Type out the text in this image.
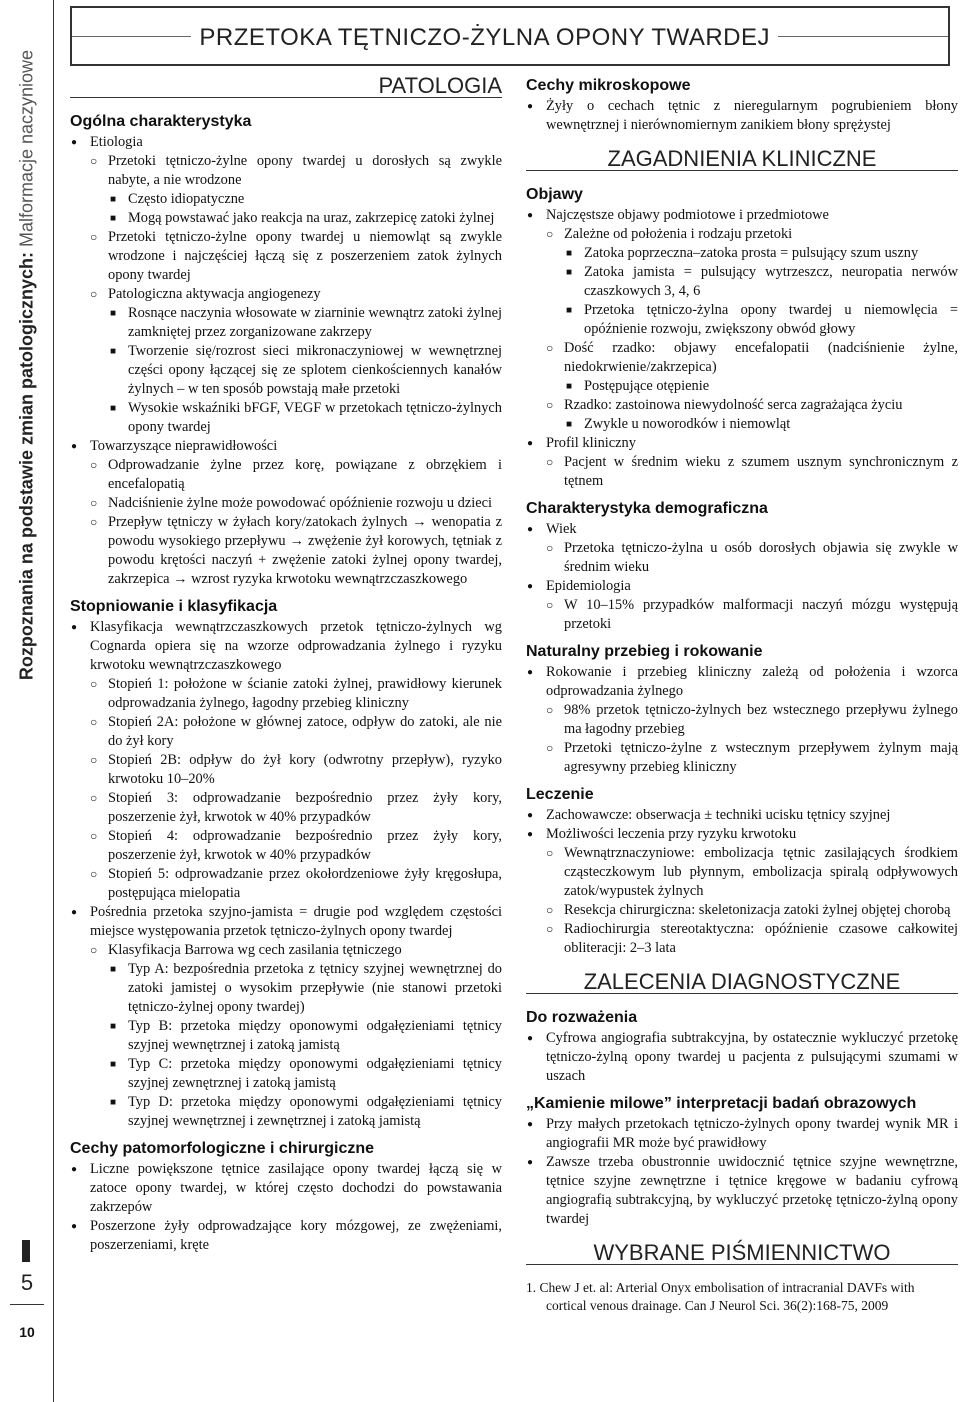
Rozpoznania na podstawie zmian patologicznych: Malformacje naczyniowe
5
10
PRZETOKA TĘTNICZO-ŻYLNA OPONY TWARDEJ
PATOLOGIA
Ogólna charakterystyka
● Etiologia
○ Przetoki tętniczo-żylne opony twardej u dorosłych są zwykle nabyte, a nie wrodzone
■ Często idiopatyczne
■ Mogą powstawać jako reakcja na uraz, zakrzepicę zatoki żylnej
○ Przetoki tętniczo-żylne opony twardej u niemowląt są zwykle wrodzone i najczęściej łączą się z poszerzeniem zatok żylnych opony twardej
○ Patologiczna aktywacja angiogenezy
■ Rosnące naczynia włosowate w ziarninie wewnątrz zatoki żylnej zamkniętej przez zorganizowane zakrzepy
■ Tworzenie się/rozrost sieci mikronaczyniowej w wewnętrznej części opony łączącej się ze splotem cienkościennych kanałów żylnych – w ten sposób powstają małe przetoki
■ Wysokie wskaźniki bFGF, VEGF w przetokach tętniczo-żylnych opony twardej
● Towarzyszące nieprawidłowości
○ Odprowadzanie żylne przez korę, powiązane z obrzękiem i encefalopatią
○ Nadciśnienie żylne może powodować opóźnienie rozwoju u dzieci
○ Przepływ tętniczy w żyłach kory/zatokach żylnych → wenopatia z powodu wysokiego przepływu → zwężenie żył korowych, tętniak z powodu krętości naczyń + zwężenie zatoki żylnej opony twardej, zakrzepica → wzrost ryzyka krwotoku wewnątrzczaszkowego
Stopniowanie i klasyfikacja
● Klasyfikacja wewnątrzczaszkowych przetok tętniczo-żylnych wg Cognarda opiera się na wzorze odprowadzania żylnego i ryzyku krwotoku wewnątrzczaszkowego
○ Stopień 1: położone w ścianie zatoki żylnej, prawidłowy kierunek odprowadzania żylnego, łagodny przebieg kliniczny
○ Stopień 2A: położone w głównej zatoce, odpływ do zatoki, ale nie do żył kory
○ Stopień 2B: odpływ do żył kory (odwrotny przepływ), ryzyko krwotoku 10–20%
○ Stopień 3: odprowadzanie bezpośrednio przez żyły kory, poszerzenie żył, krwotok w 40% przypadków
○ Stopień 4: odprowadzanie bezpośrednio przez żyły kory, poszerzenie żył, krwotok w 40% przypadków
○ Stopień 5: odprowadzanie przez okołordzeniowe żyły kręgosłupa, postępująca mielopatia
● Pośrednia przetoka szyjno-jamista = drugie pod względem częstości miejsce występowania przetok tętniczo-żylnych opony twardej
○ Klasyfikacja Barrowa wg cech zasilania tętniczego
■ Typ A: bezpośrednia przetoka z tętnicy szyjnej wewnętrznej do zatoki jamistej o wysokim przepływie (nie stanowi przetoki tętniczo-żylnej opony twardej)
■ Typ B: przetoka między oponowymi odgałęzieniami tętnicy szyjnej wewnętrznej i zatoką jamistą
■ Typ C: przetoka między oponowymi odgałęzieniami tętnicy szyjnej zewnętrznej i zatoką jamistą
■ Typ D: przetoka między oponowymi odgałęzieniami tętnicy szyjnej wewnętrznej i zewnętrznej i zatoką jamistą
Cechy patomorfologiczne i chirurgiczne
● Liczne powiększone tętnice zasilające opony twardej łączą się w zatoce opony twardej, w której często dochodzi do powstawania zakrzepów
● Poszerzone żyły odprowadzające kory mózgowej, ze zwężeniami, poszerzeniami, kręte
Cechy mikroskopowe
● Żyły o cechach tętnic z nieregularnym pogrubieniem błony wewnętrznej i nierównomiernym zanikiem błony sprężystej
ZAGADNIENIA KLINICZNE
Objawy
● Najczęstsze objawy podmiotowe i przedmiotowe
○ Zależne od położenia i rodzaju przetoki
■ Zatoka poprzeczna–zatoka prosta = pulsujący szum uszny
■ Zatoka jamista = pulsujący wytrzeszcz, neuropatia nerwów czaszkowych 3, 4, 6
■ Przetoka tętniczo-żylna opony twardej u niemowlęcia = opóźnienie rozwoju, zwiększony obwód głowy
○ Dość rzadko: objawy encefalopatii (nadciśnienie żylne, niedokrwienie/zakrzepica)
■ Postępujące otępienie
○ Rzadko: zastoinowa niewydolność serca zagrażająca życiu
■ Zwykle u noworodków i niemowląt
● Profil kliniczny
○ Pacjent w średnim wieku z szumem usznym synchronicznym z tętnem
Charakterystyka demograficzna
● Wiek
○ Przetoka tętniczo-żylna u osób dorosłych objawia się zwykle w średnim wieku
● Epidemiologia
○ W 10–15% przypadków malformacji naczyń mózgu występują przetoki
Naturalny przebieg i rokowanie
● Rokowanie i przebieg kliniczny zależą od położenia i wzorca odprowadzania żylnego
○ 98% przetok tętniczo-żylnych bez wstecznego przepływu żylnego ma łagodny przebieg
○ Przetoki tętniczo-żylne z wstecznym przepływem żylnym mają agresywny przebieg kliniczny
Leczenie
● Zachowawcze: obserwacja ± techniki ucisku tętnicy szyjnej
● Możliwości leczenia przy ryzyku krwotoku
○ Wewnątrznaczyniowe: embolizacja tętnic zasilających środkiem cząsteczkowym lub płynnym, embolizacja spiralą odpływowych zatok/wypustek żylnych
○ Resekcja chirurgiczna: skeletonizacja zatoki żylnej objętej chorobą
○ Radiochirurgia stereotaktyczna: opóźnienie czasowe całkowitej obliteracji: 2–3 lata
ZALECENIA DIAGNOSTYCZNE
Do rozważenia
● Cyfrowa angiografia subtrakcyjna, by ostatecznie wykluczyć przetokę tętniczo-żylną opony twardej u pacjenta z pulsującymi szumami w uszach
„Kamienie milowe” interpretacji badań obrazowych
● Przy małych przetokach tętniczo-żylnych opony twardej wynik MR i angiografii MR może być prawidłowy
● Zawsze trzeba obustronnie uwidocznić tętnice szyjne wewnętrzne, tętnice szyjne zewnętrzne i tętnice kręgowe w badaniu cyfrową angiografią subtrakcyjną, by wykluczyć przetokę tętniczo-żylną opony twardej
WYBRANE PIŚMIENNICTWO
1. Chew J et. al: Arterial Onyx embolisation of intracranial DAVFs with cortical venous drainage. Can J Neurol Sci. 36(2):168-75, 2009
